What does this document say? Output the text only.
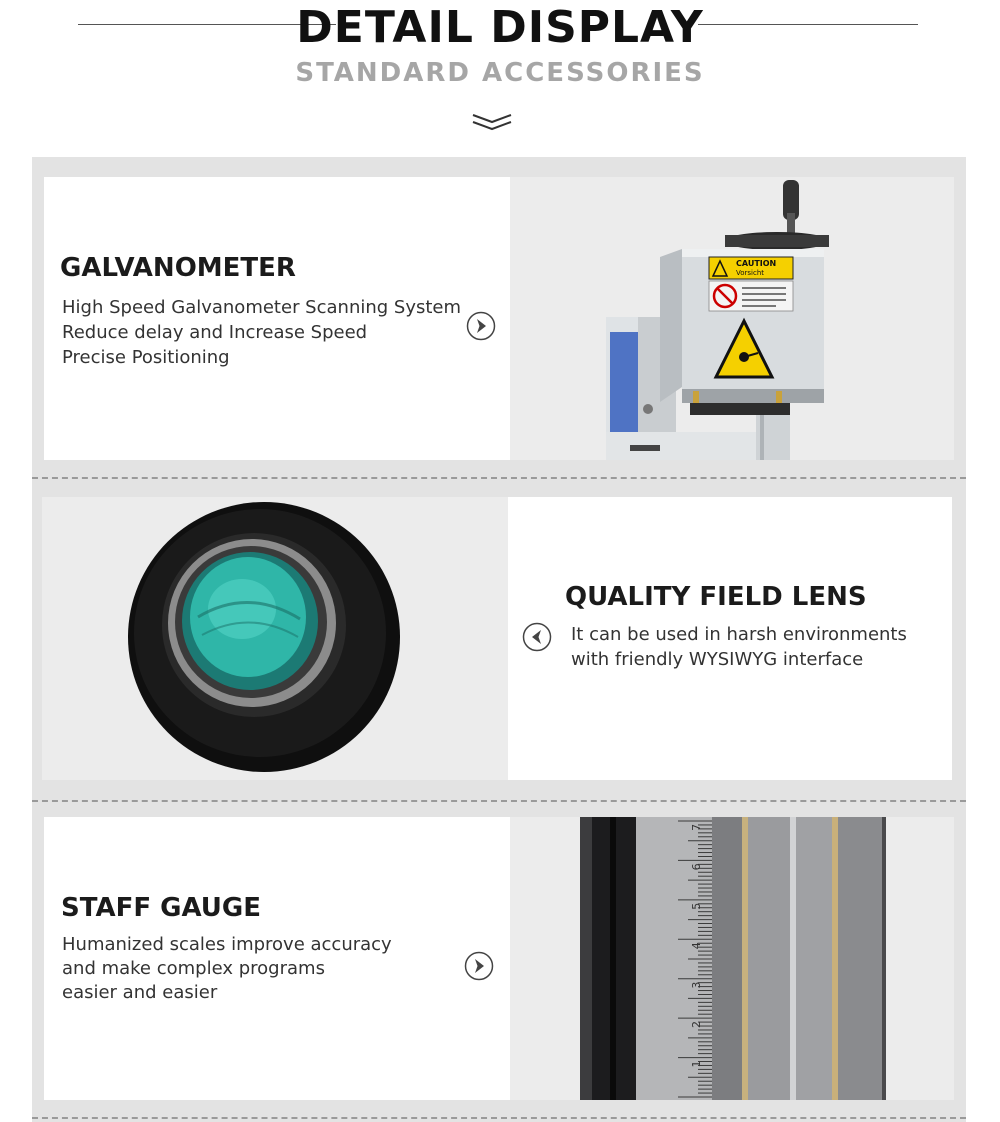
DETAIL DISPLAY
STANDARD ACCESSORIES
GALVANOMETER
High Speed Galvanometer Scanning System
Reduce delay and Increase Speed
Precise Positioning
CAUTION
Vorsicht
QUALITY FIELD LENS
It can be used in harsh environments
with friendly WYSIWYG interface
STAFF GAUGE
Humanized scales improve accuracy
and make complex programs
easier and easier
7
6
5
4
3
2
1
